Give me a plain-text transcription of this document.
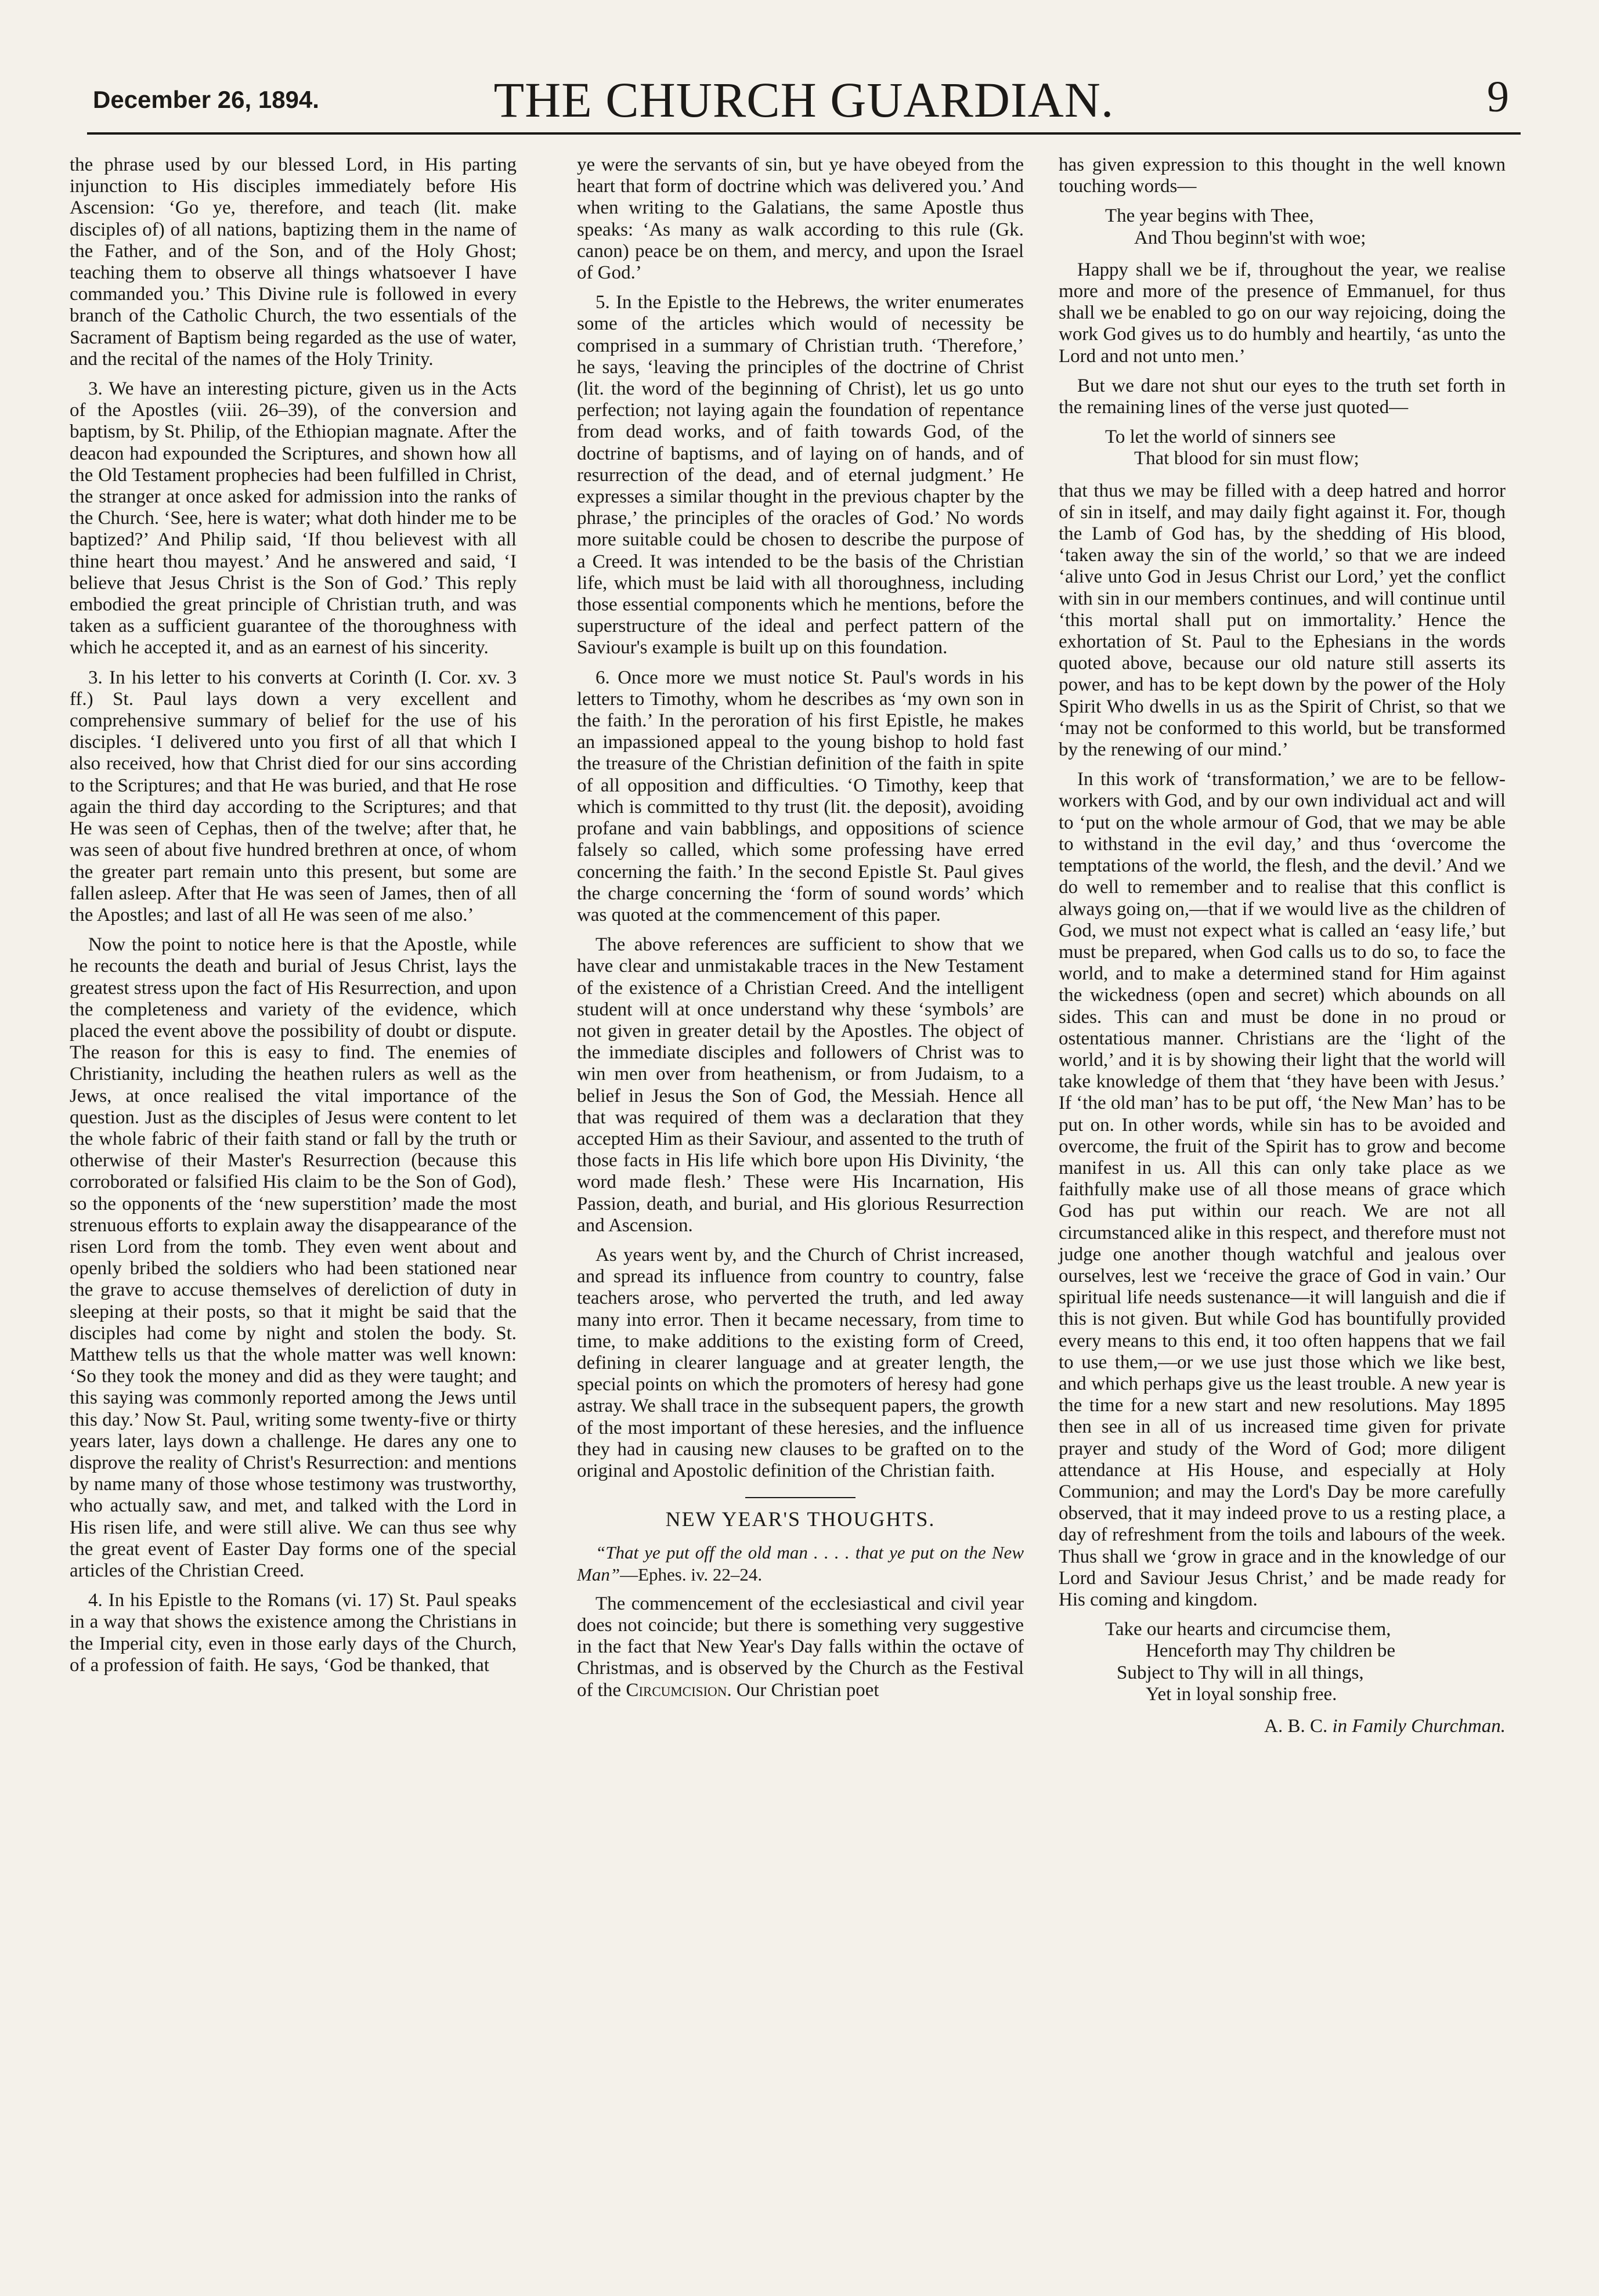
December 26, 1894.	THE CHURCH GUARDIAN.	9

the phrase used by our blessed Lord, in His parting injunction to His disciples immediately before His Ascension: ‘Go ye, therefore, and teach (lit. make disciples of) of all nations, baptizing them in the name of the Father, and of the Son, and of the Holy Ghost; teaching them to observe all things whatsoever I have commanded you.’ This Divine rule is followed in every branch of the Catholic Church, the two essentials of the Sacrament of Baptism being regarded as the use of water, and the recital of the names of the Holy Trinity.

3. We have an interesting picture, given us in the Acts of the Apostles (viii. 26–39), of the conversion and baptism, by St. Philip, of the Ethiopian magnate. After the deacon had expounded the Scriptures, and shown how all the Old Testament prophecies had been fulfilled in Christ, the stranger at once asked for admission into the ranks of the Church. ‘See, here is water; what doth hinder me to be baptized?’ And Philip said, ‘If thou believest with all thine heart thou mayest.’ And he answered and said, ‘I believe that Jesus Christ is the Son of God.’ This reply embodied the great principle of Christian truth, and was taken as a sufficient guarantee of the thoroughness with which he accepted it, and as an earnest of his sincerity.

3. In his letter to his converts at Corinth (I. Cor. xv. 3 ff.) St. Paul lays down a very excellent and comprehensive summary of belief for the use of his disciples. ‘I delivered unto you first of all that which I also received, how that Christ died for our sins according to the Scriptures; and that He was buried, and that He rose again the third day according to the Scriptures; and that He was seen of Cephas, then of the twelve; after that, he was seen of about five hundred brethren at once, of whom the greater part remain unto this present, but some are fallen asleep. After that He was seen of James, then of all the Apostles; and last of all He was seen of me also.’

Now the point to notice here is that the Apostle, while he recounts the death and burial of Jesus Christ, lays the greatest stress upon the fact of His Resurrection, and upon the completeness and variety of the evidence, which placed the event above the possibility of doubt or dispute. The reason for this is easy to find. The enemies of Christianity, including the heathen rulers as well as the Jews, at once realised the vital importance of the question. Just as the disciples of Jesus were content to let the whole fabric of their faith stand or fall by the truth or otherwise of their Master's Resurrection (because this corroborated or falsified His claim to be the Son of God), so the opponents of the ‘new superstition’ made the most strenuous efforts to explain away the disappearance of the risen Lord from the tomb. They even went about and openly bribed the soldiers who had been stationed near the grave to accuse themselves of dereliction of duty in sleeping at their posts, so that it might be said that the disciples had come by night and stolen the body. St. Matthew tells us that the whole matter was well known: ‘So they took the money and did as they were taught; and this saying was commonly reported among the Jews until this day.’ Now St. Paul, writing some twenty-five or thirty years later, lays down a challenge. He dares any one to disprove the reality of Christ's Resurrection: and mentions by name many of those whose testimony was trustworthy, who actually saw, and met, and talked with the Lord in His risen life, and were still alive. We can thus see why the great event of Easter Day forms one of the special articles of the Christian Creed.

4. In his Epistle to the Romans (vi. 17) St. Paul speaks in a way that shows the existence among the Christians in the Imperial city, even in those early days of the Church, of a profession of faith. He says, ‘God be thanked, that

ye were the servants of sin, but ye have obeyed from the heart that form of doctrine which was delivered you.’ And when writing to the Galatians, the same Apostle thus speaks: ‘As many as walk according to this rule (Gk. canon) peace be on them, and mercy, and upon the Israel of God.’

5. In the Epistle to the Hebrews, the writer enumerates some of the articles which would of necessity be comprised in a summary of Christian truth. ‘Therefore,’ he says, ‘leaving the principles of the doctrine of Christ (lit. the word of the beginning of Christ), let us go unto perfection; not laying again the foundation of repentance from dead works, and of faith towards God, of the doctrine of baptisms, and of laying on of hands, and of resurrection of the dead, and of eternal judgment.’ He expresses a similar thought in the previous chapter by the phrase,’ the principles of the oracles of God.’ No words more suitable could be chosen to describe the purpose of a Creed. It was intended to be the basis of the Christian life, which must be laid with all thoroughness, including those essential components which he mentions, before the superstructure of the ideal and perfect pattern of the Saviour's example is built up on this foundation.

6. Once more we must notice St. Paul's words in his letters to Timothy, whom he describes as ‘my own son in the faith.’ In the peroration of his first Epistle, he makes an impassioned appeal to the young bishop to hold fast the treasure of the Christian definition of the faith in spite of all opposition and difficulties. ‘O Timothy, keep that which is committed to thy trust (lit. the deposit), avoiding profane and vain babblings, and oppositions of science falsely so called, which some professing have erred concerning the faith.’ In the second Epistle St. Paul gives the charge concerning the ‘form of sound words’ which was quoted at the commencement of this paper.

The above references are sufficient to show that we have clear and unmistakable traces in the New Testament of the existence of a Christian Creed. And the intelligent student will at once understand why these ‘symbols’ are not given in greater detail by the Apostles. The object of the immediate disciples and followers of Christ was to win men over from heathenism, or from Judaism, to a belief in Jesus the Son of God, the Messiah. Hence all that was required of them was a declaration that they accepted Him as their Saviour, and assented to the truth of those facts in His life which bore upon His Divinity, ‘the word made flesh.’ These were His Incarnation, His Passion, death, and burial, and His glorious Resurrection and Ascension.

As years went by, and the Church of Christ increased, and spread its influence from country to country, false teachers arose, who perverted the truth, and led away many into error. Then it became necessary, from time to time, to make additions to the existing form of Creed, defining in clearer language and at greater length, the special points on which the promoters of heresy had gone astray. We shall trace in the subsequent papers, the growth of the most important of these heresies, and the influence they had in causing new clauses to be grafted on to the original and Apostolic definition of the Christian faith.

NEW YEAR'S THOUGHTS.

“That ye put off the old man . . . . that ye put on the New Man”—Ephes. iv. 22–24.

The commencement of the ecclesiastical and civil year does not coincide; but there is something very suggestive in the fact that New Year's Day falls within the octave of Christmas, and is observed by the Church as the Festival of the Circumcision. Our Christian poet

has given expression to this thought in the well known touching words—

The year begins with Thee,
And Thou beginn'st with woe;

Happy shall we be if, throughout the year, we realise more and more of the presence of Emmanuel, for thus shall we be enabled to go on our way rejoicing, doing the work God gives us to do humbly and heartily, ‘as unto the Lord and not unto men.’

But we dare not shut our eyes to the truth set forth in the remaining lines of the verse just quoted—

To let the world of sinners see
That blood for sin must flow;

that thus we may be filled with a deep hatred and horror of sin in itself, and may daily fight against it. For, though the Lamb of God has, by the shedding of His blood, ‘taken away the sin of the world,’ so that we are indeed ‘alive unto God in Jesus Christ our Lord,’ yet the conflict with sin in our members continues, and will continue until ‘this mortal shall put on immortality.’ Hence the exhortation of St. Paul to the Ephesians in the words quoted above, because our old nature still asserts its power, and has to be kept down by the power of the Holy Spirit Who dwells in us as the Spirit of Christ, so that we ‘may not be conformed to this world, but be transformed by the renewing of our mind.’

In this work of ‘transformation,’ we are to be fellow-workers with God, and by our own individual act and will to ‘put on the whole armour of God, that we may be able to withstand in the evil day,’ and thus ‘overcome the temptations of the world, the flesh, and the devil.’ And we do well to remember and to realise that this conflict is always going on,—that if we would live as the children of God, we must not expect what is called an ‘easy life,’ but must be prepared, when God calls us to do so, to face the world, and to make a determined stand for Him against the wickedness (open and secret) which abounds on all sides. This can and must be done in no proud or ostentatious manner. Christians are the ‘light of the world,’ and it is by showing their light that the world will take knowledge of them that ‘they have been with Jesus.’ If ‘the old man’ has to be put off, ‘the New Man’ has to be put on. In other words, while sin has to be avoided and overcome, the fruit of the Spirit has to grow and become manifest in us. All this can only take place as we faithfully make use of all those means of grace which God has put within our reach. We are not all circumstanced alike in this respect, and therefore must not judge one another though watchful and jealous over ourselves, lest we ‘receive the grace of God in vain.’ Our spiritual life needs sustenance—it will languish and die if this is not given. But while God has bountifully provided every means to this end, it too often happens that we fail to use them,—or we use just those which we like best, and which perhaps give us the least trouble. A new year is the time for a new start and new resolutions. May 1895 then see in all of us increased time given for private prayer and study of the Word of God; more diligent attendance at His House, and especially at Holy Communion; and may the Lord's Day be more carefully observed, that it may indeed prove to us a resting place, a day of refreshment from the toils and labours of the week. Thus shall we ‘grow in grace and in the knowledge of our Lord and Saviour Jesus Christ,’ and be made ready for His coming and kingdom.

Take our hearts and circumcise them,
Henceforth may Thy children be
Subject to Thy will in all things,
Yet in loyal sonship free.
A. B. C. in Family Churchman.
